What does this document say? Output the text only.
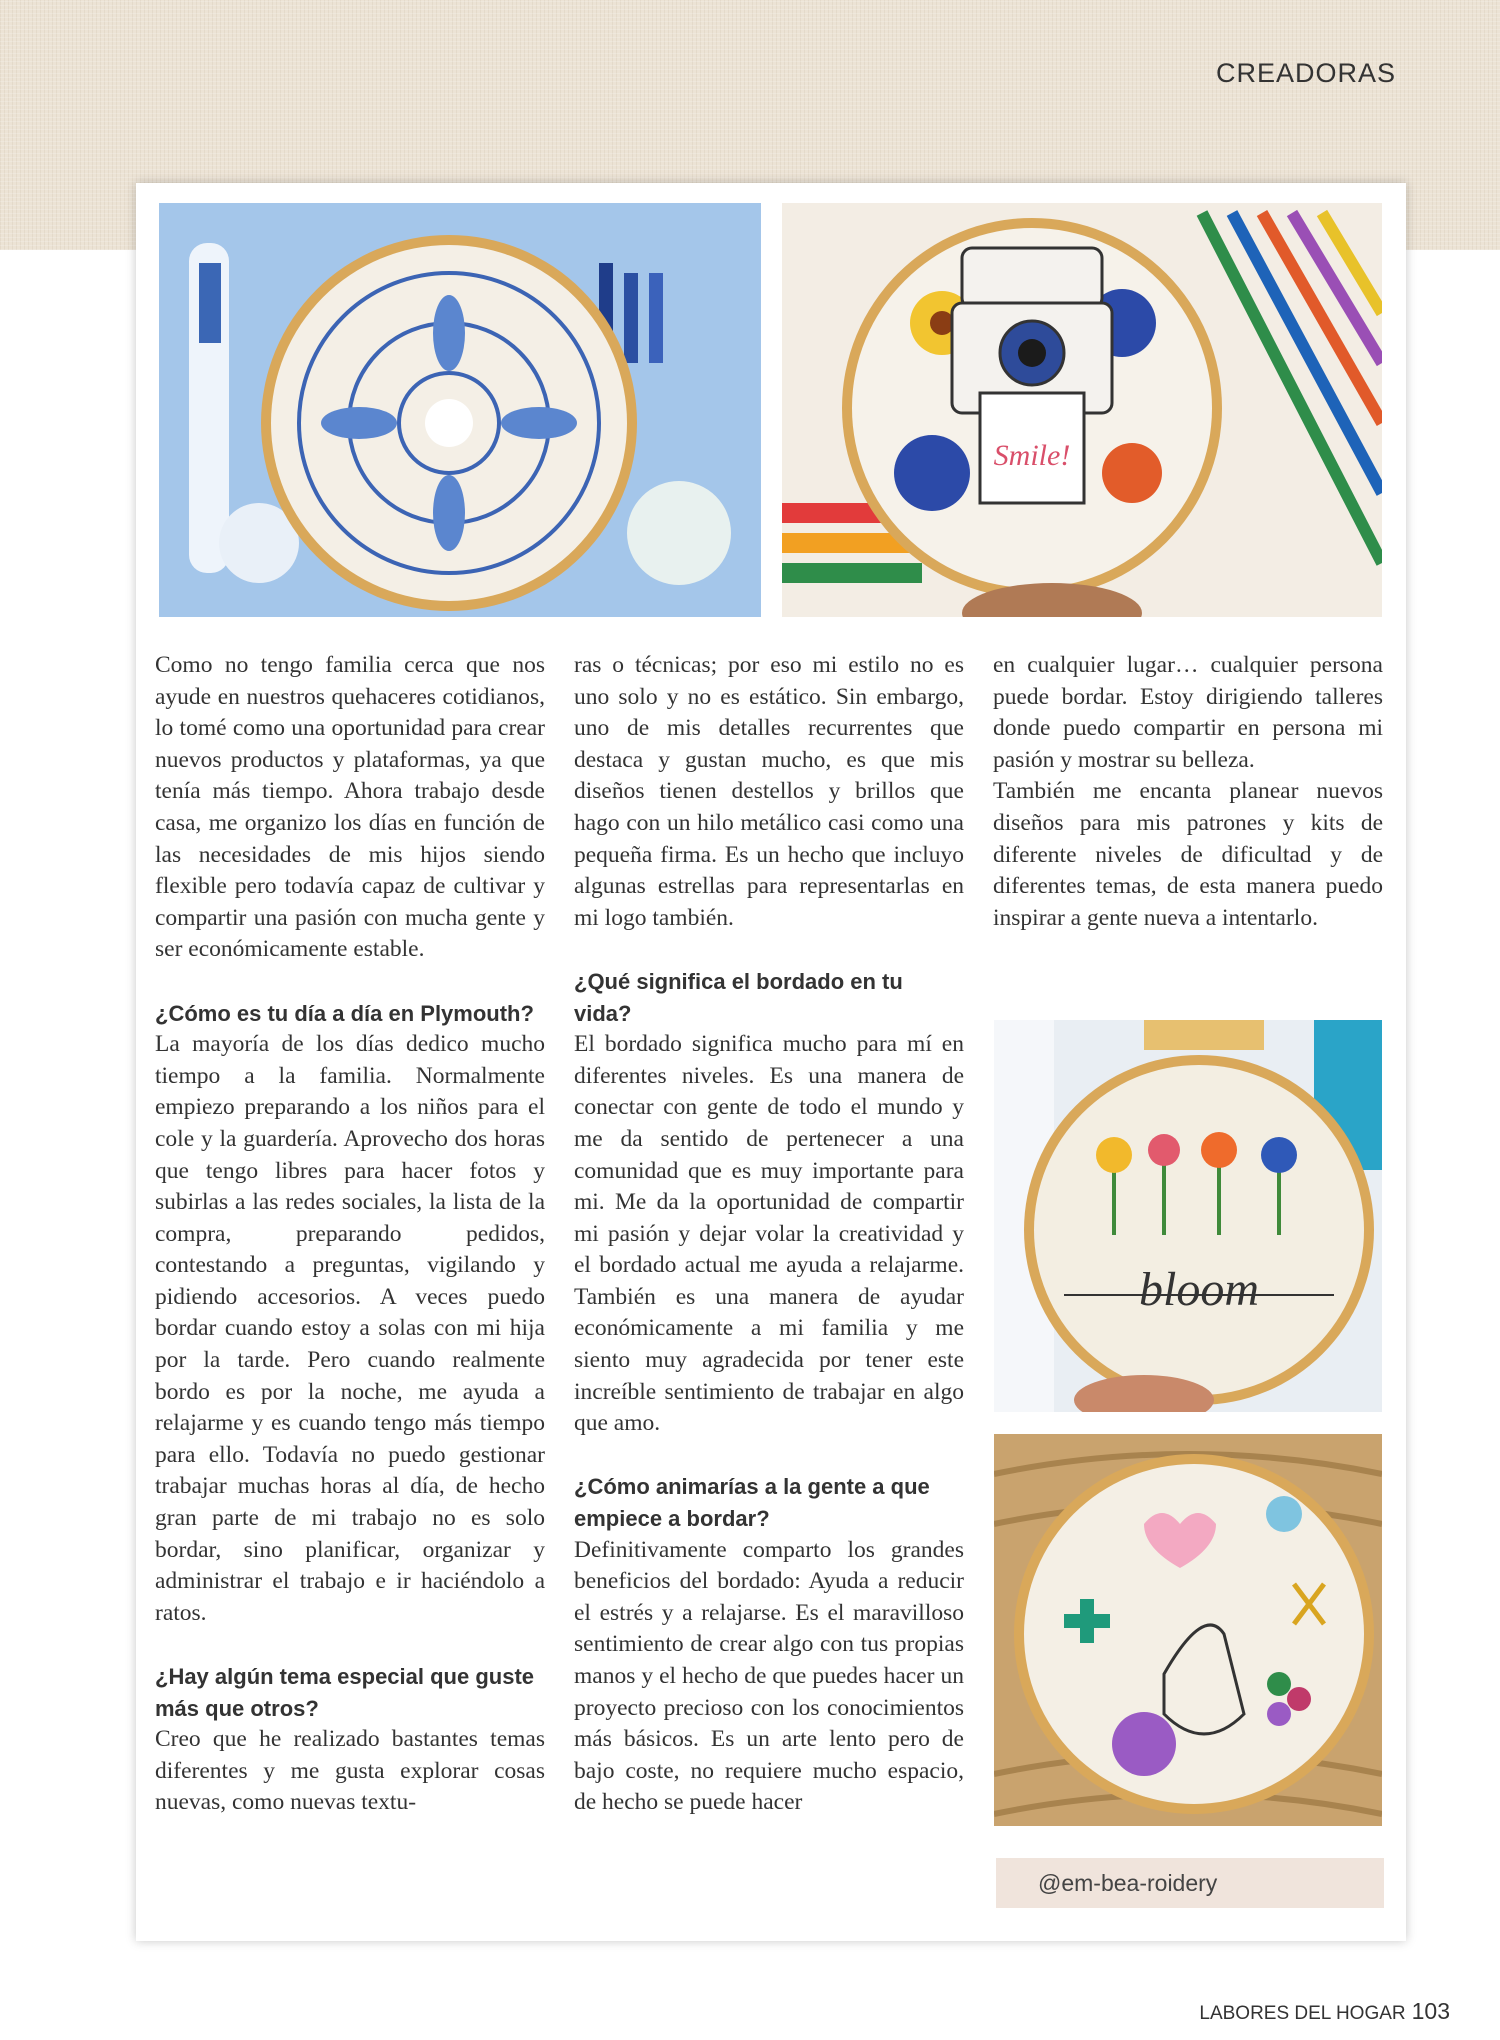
CREADORAS
Smile!

Como no tengo familia cerca que nos ayude en nuestros quehaceres cotidianos, lo tomé como una oportunidad para crear nuevos productos y plataformas, ya que tenía más tiempo. Ahora trabajo desde casa, me organizo los días en función de las necesidades de mis hijos siendo flexible pero todavía capaz de cultivar y compartir una pasión con mucha gente y ser económicamente estable.

¿Cómo es tu día a día en Plymouth?

La mayoría de los días dedico mucho tiempo a la familia. Normalmente empiezo preparando a los niños para el cole y la guardería. Aprovecho dos horas que tengo libres para hacer fotos y subirlas a las redes sociales, la lista de la compra, preparando pedidos, contestando a preguntas, vigilando y pidiendo accesorios. A veces puedo bordar cuando estoy a solas con mi hija por la tarde. Pero cuando realmente bordo es por la noche, me ayuda a relajarme y es cuando tengo más tiempo para ello. Todavía no puedo gestionar trabajar muchas horas al día, de hecho gran parte de mi trabajo no es solo bordar, sino planificar, organizar y administrar el trabajo e ir haciéndolo a ratos.

¿Hay algún tema especial que guste más que otros?

Creo que he realizado bastantes temas diferentes y me gusta explorar cosas nuevas, como nuevas textu-

ras o técnicas; por eso mi estilo no es uno solo y no es estático. Sin embargo, uno de mis detalles recurrentes que destaca y gustan mucho, es que mis diseños tienen destellos y brillos que hago con un hilo metálico casi como una pequeña firma. Es un hecho que incluyo algunas estrellas para representarlas en mi logo también.

¿Qué significa el bordado en tu vida?

El bordado significa mucho para mí en diferentes niveles. Es una manera de conectar con gente de todo el mundo y me da sentido de pertenecer a una comunidad que es muy importante para mi. Me da la oportunidad de compartir mi pasión y dejar volar la creatividad y el bordado actual me ayuda a relajarme. También es una manera de ayudar económicamente a mi familia y me siento muy agradecida por tener este increíble sentimiento de trabajar en algo que amo.

¿Cómo animarías a la gente a que empiece a bordar?

Definitivamente comparto los grandes beneficios del bordado: Ayuda a reducir el estrés y a relajarse. Es el maravilloso sentimiento de crear algo con tus propias manos y el hecho de que puedes hacer un proyecto precioso con los conocimientos más básicos. Es un arte lento pero de bajo coste, no requiere mucho espacio, de hecho se puede hacer

en cualquier lugar… cualquier persona puede bordar. Estoy dirigiendo talleres donde puedo compartir en persona mi pasión y mostrar su belleza.

También me encanta planear nuevos diseños para mis patrones y kits de diferente niveles de dificultad y de diferentes temas, de esta manera puedo inspirar a gente nueva a intentarlo.

bloom
@em-bea-roidery
LABORES DEL HOGAR 103
